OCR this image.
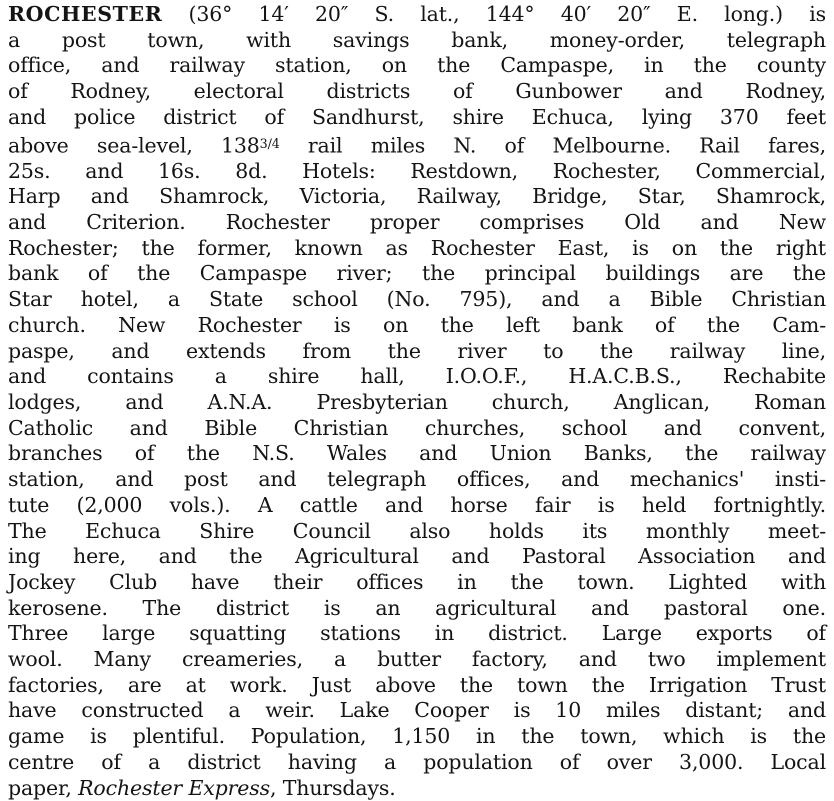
ROCHESTER (36° 14′ 20″ S. lat., 144° 40′ 20″ E. long.) is
a post town, with savings bank, money-order, telegraph
office, and railway station, on the Campaspe, in the county
of Rodney, electoral districts of Gunbower and Rodney,
and police district of Sandhurst, shire Echuca, lying 370 feet
above sea-level, $138^{3/4}$ rail miles N. of Melbourne. Rail fares,
25s. and 16s. 8d. Hotels: Restdown, Rochester, Commercial,
Harp and Shamrock, Victoria, Railway, Bridge, Star, Shamrock,
and Criterion. Rochester proper comprises Old and New
Rochester; the former, known as Rochester East, is on the right
bank of the Campaspe river; the principal buildings are the
Star hotel, a State school (No. 795), and a Bible Christian
church. New Rochester is on the left bank of the Cam-
paspe, and extends from the river to the railway line,
and contains a shire hall, I.O.O.F., H.A.C.B.S., Rechabite
lodges, and A.N.A. Presbyterian church, Anglican, Roman
Catholic and Bible Christian churches, school and convent,
branches of the N.S. Wales and Union Banks, the railway
station, and post and telegraph offices, and mechanics' insti-
tute (2,000 vols.). A cattle and horse fair is held fortnightly.
The Echuca Shire Council also holds its monthly meet-
ing here, and the Agricultural and Pastoral Association and
Jockey Club have their offices in the town. Lighted with
kerosene. The district is an agricultural and pastoral one.
Three large squatting stations in district. Large exports of
wool. Many creameries, a butter factory, and two implement
factories, are at work. Just above the town the Irrigation Trust
have constructed a weir. Lake Cooper is 10 miles distant; and
game is plentiful. Population, 1,150 in the town, which is the
centre of a district having a population of over 3,000. Local
paper, Rochester Express, Thursdays.
